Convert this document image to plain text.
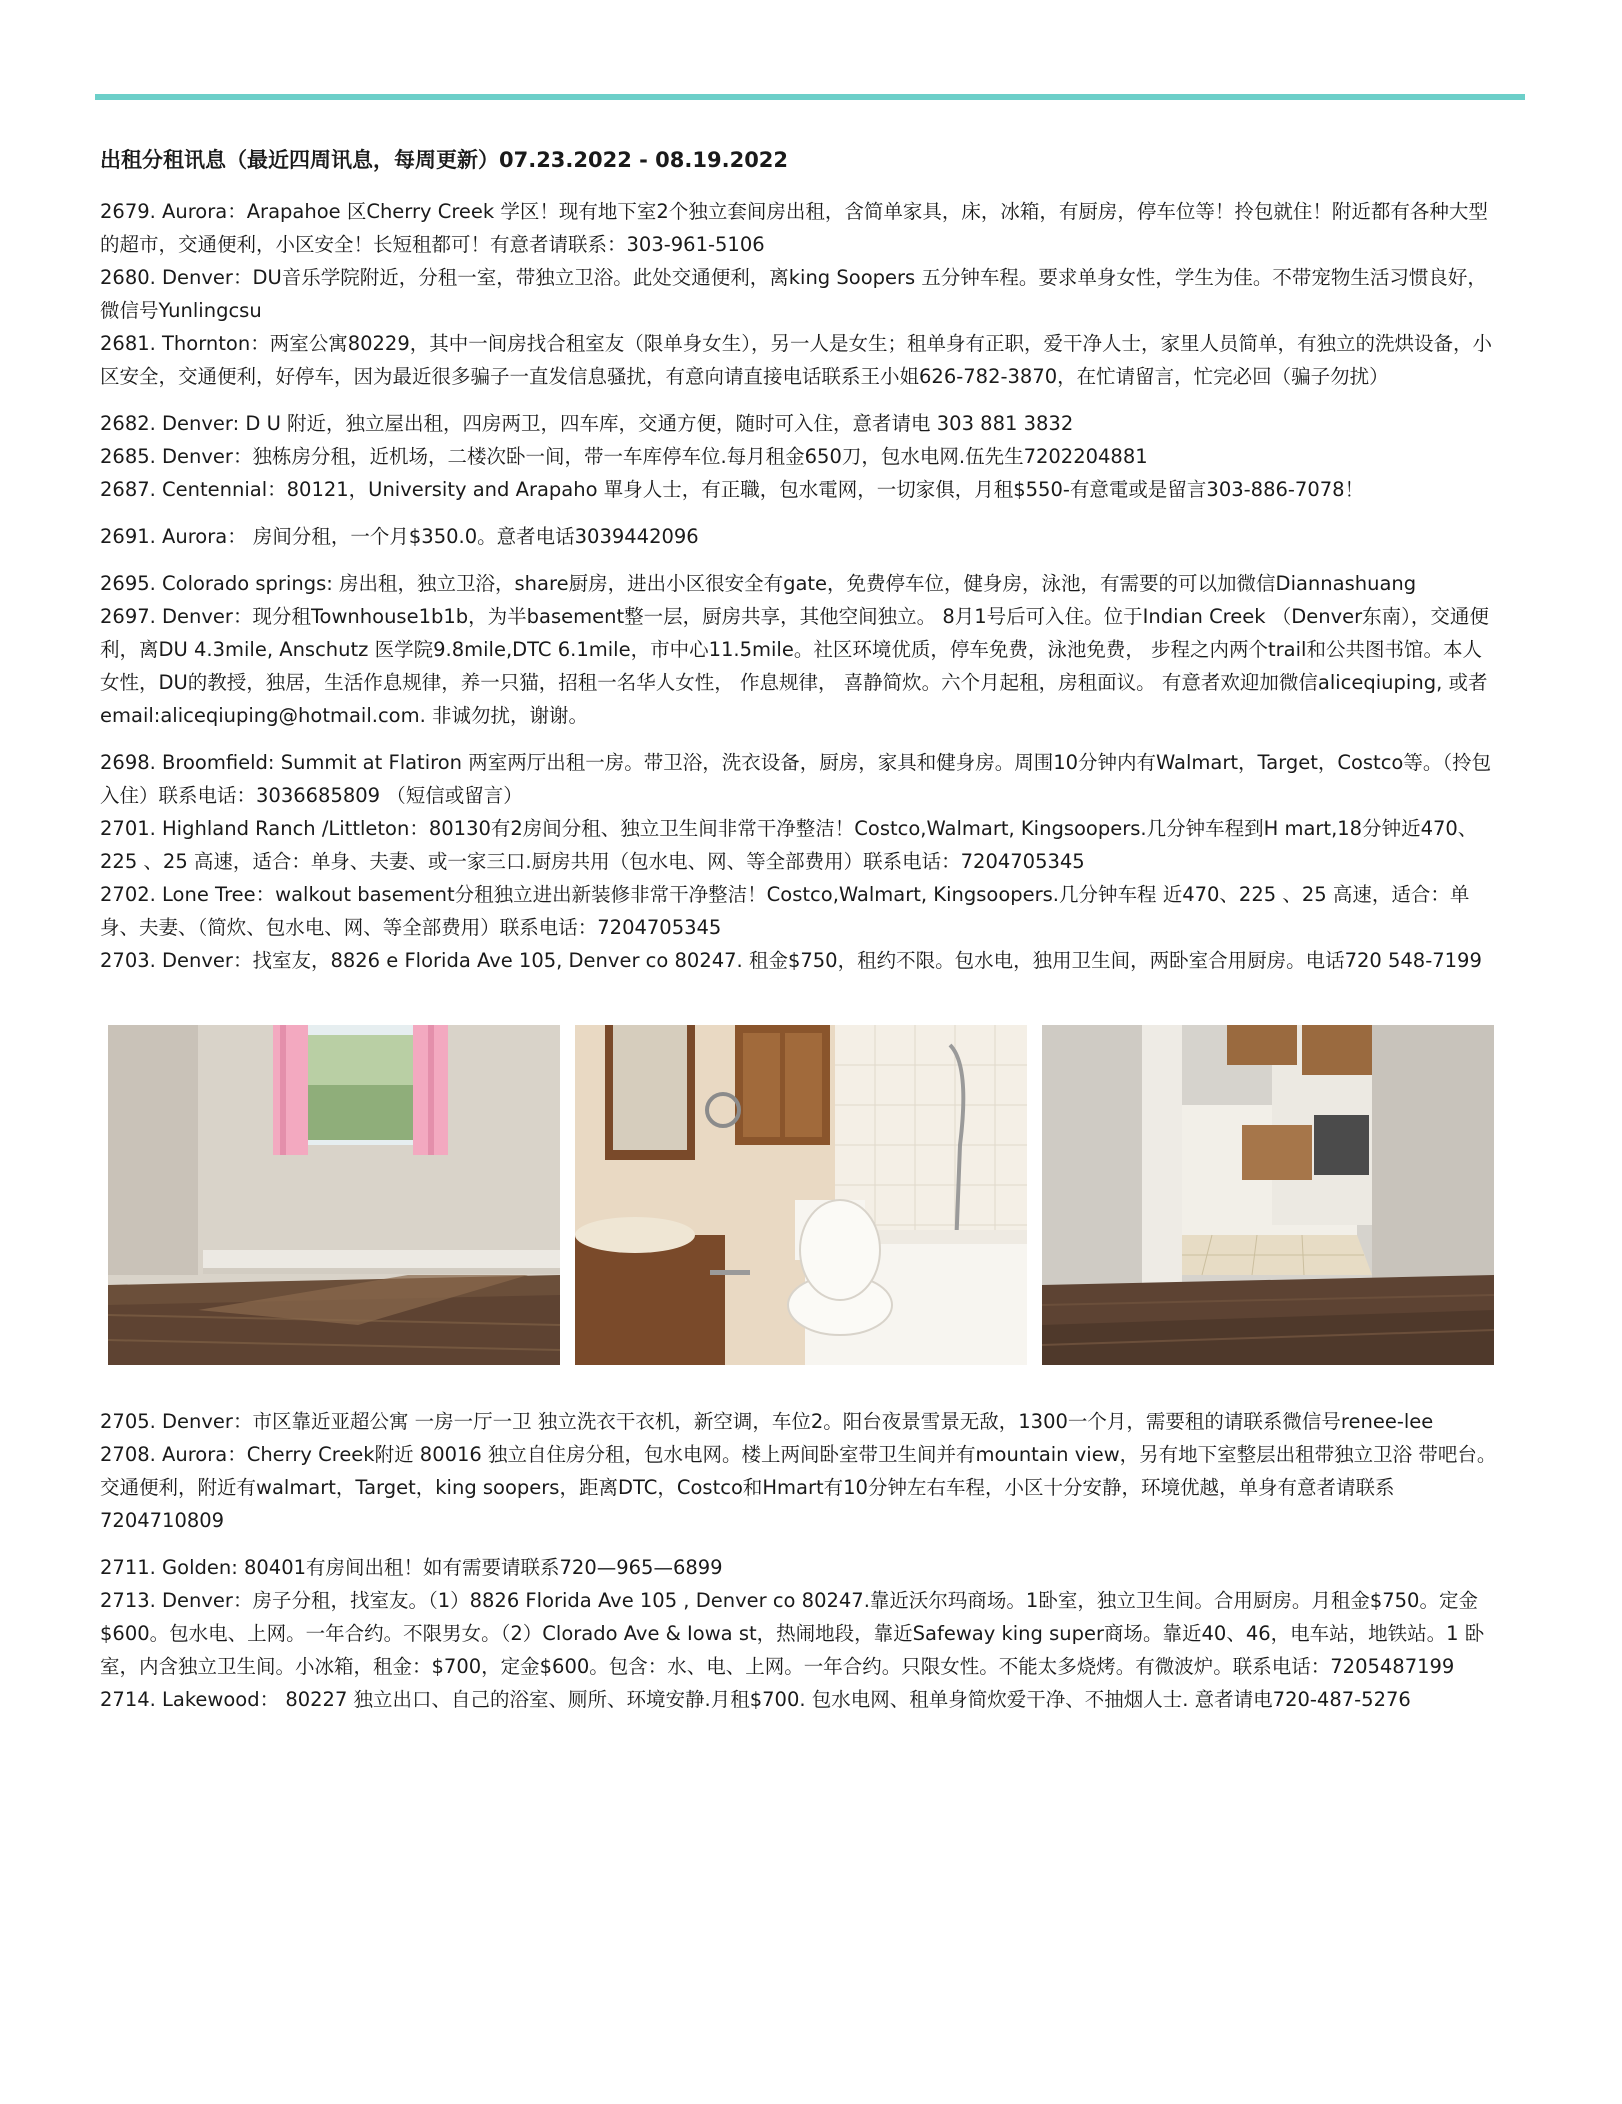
出租分租讯息（最近四周讯息，每周更新）07.23.2022 - 08.19.2022

2679. Aurora：Arapahoe 区Cherry Creek 学区！现有地下室2个独立套间房出租，含简单家具，床，冰箱，有厨房，停车位等！拎包就住！附近都有各种大型的超市，交通便利，小区安全！长短租都可！有意者请联系：303-961-5106

2680. Denver：DU音乐学院附近，分租一室，带独立卫浴。此处交通便利，离king Soopers 五分钟车程。要求单身女性，学生为佳。不带宠物生活习惯良好，微信号Yunlingcsu

2681. Thornton：两室公寓80229，其中一间房找合租室友（限单身女生），另一人是女生；租单身有正职，爱干净人士，家里人员简单，有独立的洗烘设备，小区安全，交通便利，好停车，因为最近很多骗子一直发信息骚扰，有意向请直接电话联系王小姐626-782-3870，在忙请留言，忙完必回（骗子勿扰）

2682. Denver: D U 附近，独立屋出租，四房两卫，四车库，交通方便，随时可入住，意者请电 303 881 3832

2685. Denver：独栋房分租，近机场，二楼次卧一间，带一车库停车位.每月租金650刀，包水电网.伍先生7202204881

2687. Centennial：80121，University and Arapaho 單身人士，有正職，包水電网，一切家俱，月租$550-有意電或是留言303-886-7078！

2691. Aurora： 房间分租，一个月$350.0。意者电话3039442096

2695. Colorado springs: 房出租，独立卫浴，share厨房，进出小区很安全有gate，免费停车位，健身房，泳池，有需要的可以加微信Diannashuang

2697. Denver：现分租Townhouse1b1b，为半basement整一层，厨房共享，其他空间独立。 8月1号后可入住。位于Indian Creek （Denver东南），交通便利，离DU 4.3mile, Anschutz 医学院9.8mile,DTC 6.1mile，市中心11.5mile。社区环境优质，停车免费，泳池免费， 步程之内两个trail和公共图书馆。本人女性，DU的教授，独居，生活作息规律，养一只猫，招租一名华人女性， 作息规律， 喜静简炊。六个月起租，房租面议。 有意者欢迎加微信aliceqiuping, 或者email:aliceqiuping@hotmail.com. 非诚勿扰，谢谢。

2698. Broomfield: Summit at Flatiron 两室两厅出租一房。带卫浴，洗衣设备，厨房，家具和健身房。周围10分钟内有Walmart，Target，Costco等。（拎包入住）联系电话：3036685809 （短信或留言）

2701. Highland Ranch /Littleton：80130有2房间分租、独立卫生间非常干净整洁！Costco,Walmart, Kingsoopers.几分钟车程到H mart,18分钟近470、225 、25 高速，适合：单身、夫妻、或一家三口.厨房共用（包水电、网、等全部费用）联系电话：7204705345

2702. Lone Tree：walkout basement分租独立进出新装修非常干净整洁！Costco,Walmart, Kingsoopers.几分钟车程 近470、225 、25 高速，适合：单身、夫妻、（简炊、包水电、网、等全部费用）联系电话：7204705345

2703. Denver：找室友，8826 e Florida Ave 105, Denver co 80247. 租金$750，租约不限。包水电，独用卫生间，两卧室合用厨房。电话720 548-7199

2705. Denver：市区靠近亚超公寓 一房一厅一卫 独立洗衣干衣机，新空调，车位2。阳台夜景雪景无敌，1300一个月，需要租的请联系微信号renee-lee

2708. Aurora：Cherry Creek附近 80016 独立自住房分租，包水电网。楼上两间卧室带卫生间并有mountain view，另有地下室整层出租带独立卫浴 带吧台。交通便利，附近有walmart，Target，king soopers，距离DTC，Costco和Hmart有10分钟左右车程，小区十分安静，环境优越，单身有意者请联系 7204710809

2711. Golden: 80401有房间出租！如有需要请联系720—965—6899

2713. Denver：房子分租，找室友。（1）8826 Florida Ave 105 , Denver co 80247.靠近沃尔玛商场。1卧室，独立卫生间。合用厨房。月租金$750。定金$600。包水电、上网。一年合约。不限男女。（2）Clorado Ave & Iowa st，热闹地段，靠近Safeway king super商场。靠近40、46，电车站，地铁站。1 卧室，内含独立卫生间。小冰箱，租金：$700，定金$600。包含：水、电、上网。一年合约。只限女性。不能太多烧烤。有微波炉。联系电话：7205487199

2714. Lakewood： 80227 独立出口、自己的浴室、厕所、环境安静.月租$700. 包水电网、租单身简炊爱干净、不抽烟人士. 意者请电720-487-5276
